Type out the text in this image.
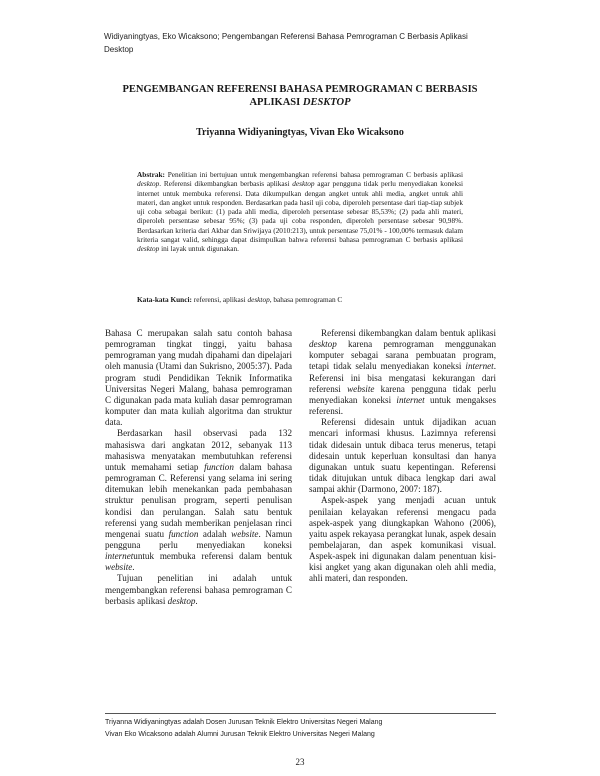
Widiyaningtyas, Eko Wicaksono; Pengembangan Referensi Bahasa Pemrograman C Berbasis Aplikasi Desktop
PENGEMBANGAN REFERENSI BAHASA PEMROGRAMAN C BERBASIS
APLIKASI DESKTOP
Triyanna Widiyaningtyas, Vivan Eko Wicaksono
Abstrak: Penelitian ini bertujuan untuk mengembangkan referensi bahasa pemrograman C berbasis aplikasi desktop. Referensi dikembangkan berbasis aplikasi desktop agar pengguna tidak perlu menyediakan koneksi internet untuk membuka referensi. Data dikumpulkan dengan angket untuk ahli media, angket untuk ahli materi, dan angket untuk responden. Berdasarkan pada hasil uji coba, diperoleh persentase dari tiap-tiap subjek uji coba sebagai berikut: (1) pada ahli media, diperoleh persentase sebesar 85,53%; (2) pada ahli materi, diperoleh persentase sebesar 95%; (3) pada uji coba responden, diperoleh persentase sebesar 90,98%. Berdasarkan kriteria dari Akbar dan Sriwijaya (2010:213), untuk persentase 75,01% - 100,00% termasuk dalam kriteria sangat valid, sehingga dapat disimpulkan bahwa referensi bahasa pemrograman C berbasis aplikasi desktop ini layak untuk digunakan.
Kata-kata Kunci: referensi, aplikasi desktop, bahasa pemrograman C

Bahasa C merupakan salah satu contoh bahasa pemrograman tingkat tinggi, yaitu bahasa pemrograman yang mudah dipahami dan dipelajari oleh manusia (Utami dan Sukrisno, 2005:37). Pada program studi Pendidikan Teknik Informatika Universitas Negeri Malang, bahasa pemrograman C digunakan pada mata kuliah dasar pemrograman komputer dan mata kuliah algoritma dan struktur data.

Berdasarkan hasil observasi pada 132 mahasiswa dari angkatan 2012, sebanyak 113 mahasiswa menyatakan membutuhkan referensi untuk memahami setiap function dalam bahasa pemrograman C. Referensi yang selama ini sering ditemukan lebih menekankan pada pembahasan struktur penulisan program, seperti penulisan kondisi dan perulangan. Salah satu bentuk referensi yang sudah memberikan penjelasan rinci mengenai suatu function adalah website. Namun pengguna perlu menyediakan koneksi internetuntuk membuka referensi dalam bentuk website.

Tujuan penelitian ini adalah untuk mengembangkan referensi bahasa pemrograman C berbasis aplikasi desktop.

Referensi dikembangkan dalam bentuk aplikasi desktop karena pemrograman menggunakan komputer sebagai sarana pembuatan program, tetapi tidak selalu menyediakan koneksi internet. Referensi ini bisa mengatasi kekurangan dari referensi website karena pengguna tidak perlu menyediakan koneksi internet untuk mengakses referensi.

Referensi didesain untuk dijadikan acuan mencari informasi khusus. Lazimnya referensi tidak didesain untuk dibaca terus menerus, tetapi didesain untuk keperluan konsultasi dan hanya digunakan untuk suatu kepentingan. Referensi tidak ditujukan untuk dibaca lengkap dari awal sampai akhir (Darmono, 2007: 187).

Aspek-aspek yang menjadi acuan untuk penilaian kelayakan referensi mengacu pada aspek-aspek yang diungkapkan Wahono (2006), yaitu aspek rekayasa perangkat lunak, aspek desain pembelajaran, dan aspek komunikasi visual. Aspek-aspek ini digunakan dalam penentuan kisi-kisi angket yang akan digunakan oleh ahli media, ahli materi, dan responden.

Triyanna Widiyaningtyas adalah Dosen Jurusan Teknik Elektro Universitas Negeri Malang
Vivan Eko Wicaksono adalah Alumni Jurusan Teknik Elektro Universitas Negeri Malang
23
